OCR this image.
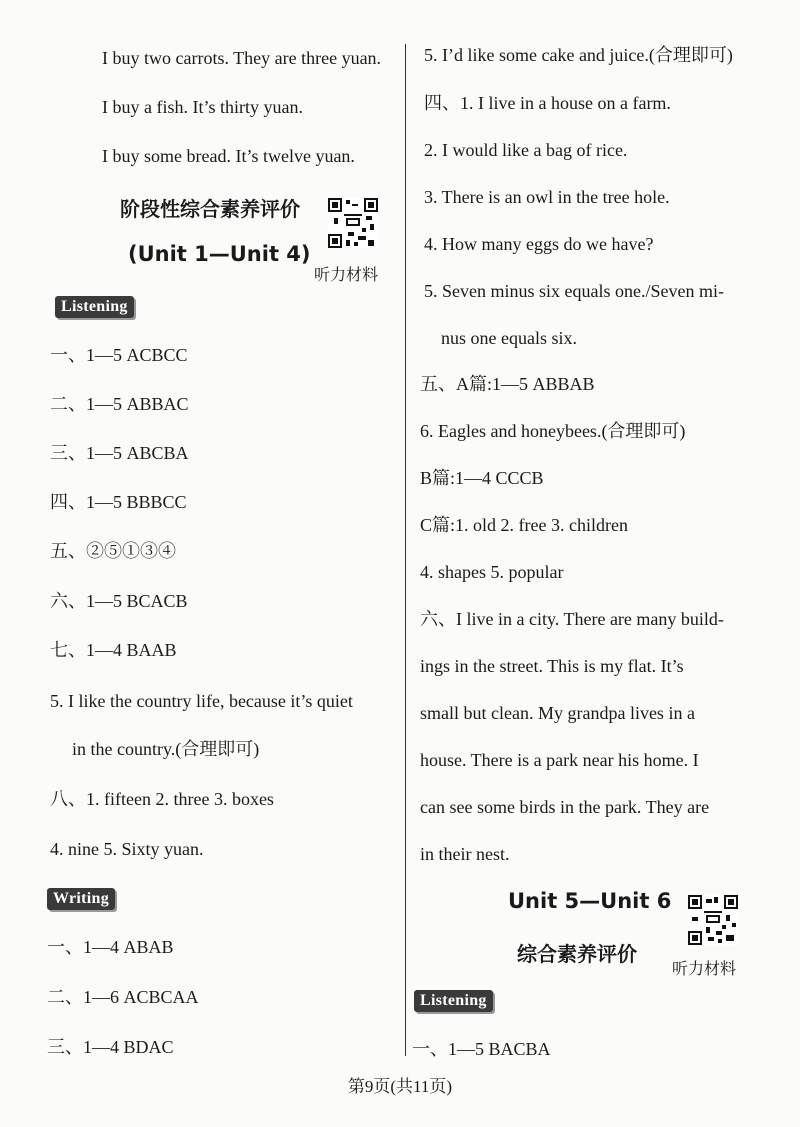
I buy two carrots. They are three yuan.
I buy a fish. It’s thirty yuan.
I buy some bread. It’s twelve yuan.
阶段性综合素养评价
(Unit 1—Unit 4)
听力材料
Listening
一、1—5 ACBCC
二、1—5 ABBAC
三、1—5 ABCBA
四、1—5 BBBCC
五、②⑤①③④
六、1—5 BCACB
七、1—4 BAAB
5. I like the country life, because it’s quiet
in the country.(合理即可)
八、1. fifteen 2. three 3. boxes
4. nine 5. Sixty yuan.
Writing
一、1—4 ABAB
二、1—6 ACBCAA
三、1—4 BDAC
5. I’d like some cake and juice.(合理即可)
四、1. I live in a house on a farm.
2. I would like a bag of rice.
3. There is an owl in the tree hole.
4. How many eggs do we have?
5. Seven minus six equals one./Seven mi-
nus one equals six.
五、A篇:1—5 ABBAB
6. Eagles and honeybees.(合理即可)
B篇:1—4 CCCB
C篇:1. old 2. free 3. children
4. shapes 5. popular
六、I live in a city. There are many build-
ings in the street. This is my flat. It’s
small but clean. My grandpa lives in a
house. There is a park near his home. I
can see some birds in the park. They are
in their nest.
Unit 5—Unit 6
综合素养评价
听力材料
Listening
一、1—5 BACBA
第9页(共11页)
